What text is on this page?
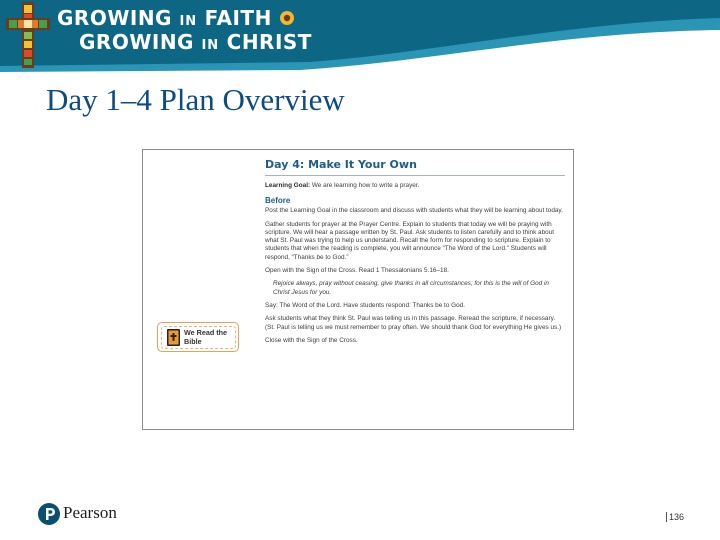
GROWING IN FAITH
GROWING IN CHRIST
Day 1–4 Plan Overview
We Read the Bible
Day 4: Make It Your Own

Learning Goal: We are learning how to write a prayer.

Before

Post the Learning Goal in the classroom and discuss with students what they will be learning about today.

Gather students for prayer at the Prayer Centre. Explain to students that today we will be praying with scripture. We will hear a passage written by St. Paul. Ask students to listen carefully and to think about what St. Paul was trying to help us understand. Recall the form for responding to scripture. Explain to students that when the reading is complete, you will announce “The Word of the Lord.” Students will respond, “Thanks be to God.”

Open with the Sign of the Cross. Read 1 Thessalonians 5.16–18.

Rejoice always, pray without ceasing, give thanks in all circumstances; for this is the will of God in Christ Jesus for you.

Say: The Word of the Lord. Have students respond: Thanks be to God.

Ask students what they think St. Paul was telling us in this passage. Reread the scripture, if necessary. (St. Paul is telling us we must remember to pray often. We should thank God for everything He gives us.)

Close with the Sign of the Cross.

Pearson	136
